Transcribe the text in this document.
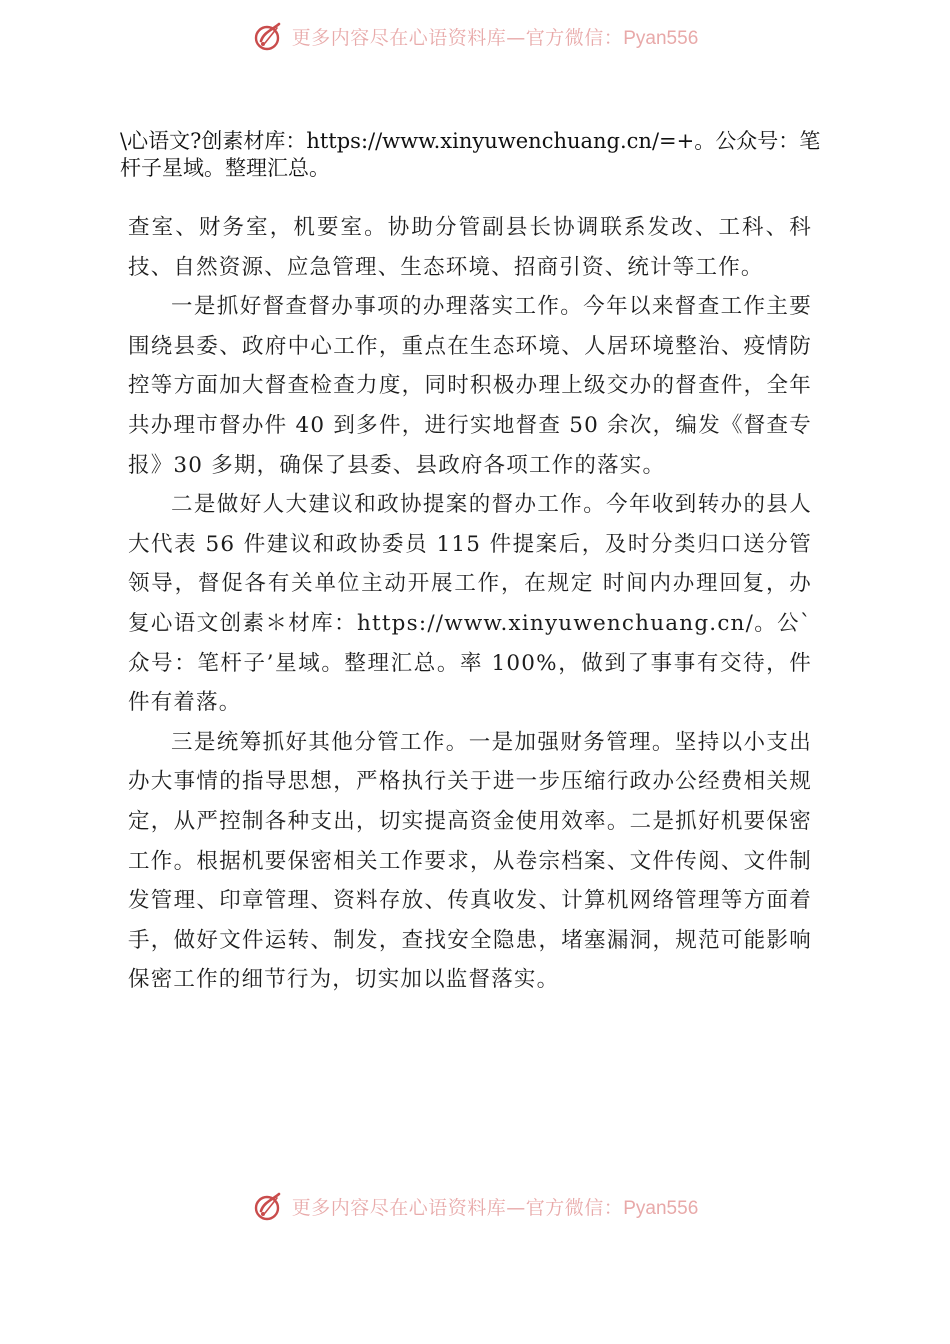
更多内容尽在心语资料库—官方微信：Pyan556
\心语文?创素材库：https://www.xinyuwenchuang.cn/=+。公众号：笔杆子星域。整理汇总。

查室、财务室，机要室。协助分管副县长协调联系发改、工科、科技、自然资源、应急管理、生态环境、招商引资、统计等工作。

一是抓好督查督办事项的办理落实工作。今年以来督查工作主要围绕县委、政府中心工作，重点在生态环境、人居环境整治、疫情防控等方面加大督查检查力度，同时积极办理上级交办的督查件，全年共办理市督办件 40 到多件，进行实地督查 50 余次，编发《督查专报》30 多期，确保了县委、县政府各项工作的落实。

二是做好人大建议和政协提案的督办工作。今年收到转办的县人大代表 56 件建议和政协委员 115 件提案后，及时分类归口送分管领导，督促各有关单位主动开展工作，在规定 时间内办理回复，办复心语文创素＊材库：https://www.xinyuwenchuang.cn/。公`众号：笔杆子’星域。整理汇总。率 100%，做到了事事有交待，件件有着落。

三是统筹抓好其他分管工作。一是加强财务管理。坚持以小支出办大事情的指导思想，严格执行关于进一步压缩行政办公经费相关规定，从严控制各种支出，切实提高资金使用效率。二是抓好机要保密工作。根据机要保密相关工作要求，从卷宗档案、文件传阅、文件制发管理、印章管理、资料存放、传真收发、计算机网络管理等方面着手，做好文件运转、制发，查找安全隐患，堵塞漏洞，规范可能影响保密工作的细节行为，切实加以监督落实。

更多内容尽在心语资料库—官方微信：Pyan556
